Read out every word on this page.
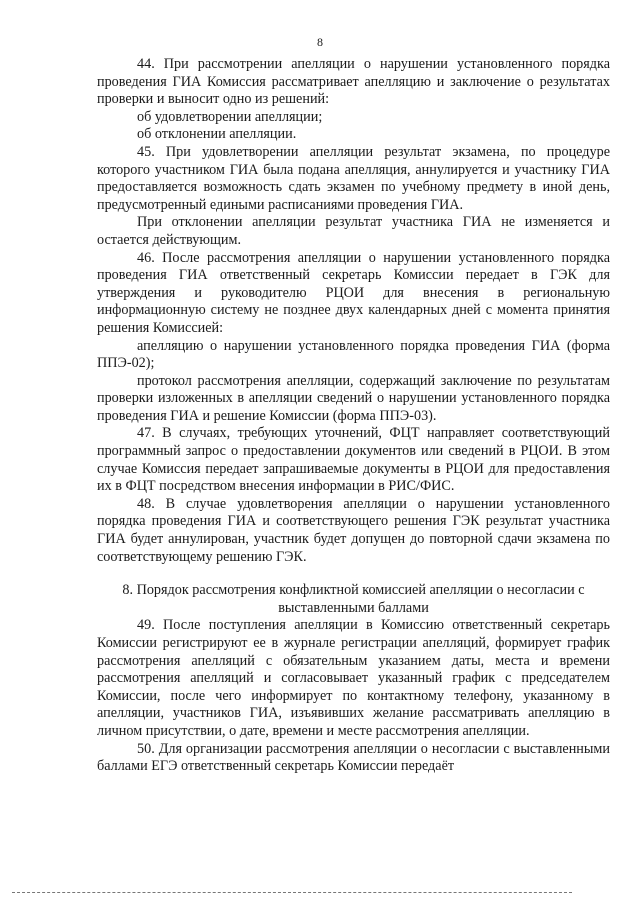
8

44. При рассмотрении апелляции о нарушении установленного порядка проведения ГИА Комиссия рассматривает апелляцию и заключение о результатах проверки и выносит одно из решений:

об удовлетворении апелляции;

об отклонении апелляции.

45. При удовлетворении апелляции результат экзамена, по процедуре которого участником ГИА была подана апелляция, аннулируется и участнику ГИА предоставляется возможность сдать экзамен по учебному предмету в иной день, предусмотренный едиными расписаниями проведения ГИА.

При отклонении апелляции результат участника ГИА не изменяется и остается действующим.

46. После рассмотрения апелляции о нарушении установленного порядка проведения ГИА ответственный секретарь Комиссии передает в ГЭК для утверждения и руководителю РЦОИ для внесения в региональную информационную систему не позднее двух календарных дней с момента принятия решения Комиссией:

апелляцию о нарушении установленного порядка проведения ГИА (форма ППЭ-02);

протокол рассмотрения апелляции, содержащий заключение по результатам проверки изложенных в апелляции сведений о нарушении установленного порядка проведения ГИА и решение Комиссии (форма ППЭ-03).

47. В случаях, требующих уточнений, ФЦТ направляет соответствующий программный запрос о предоставлении документов или сведений в РЦОИ. В этом случае Комиссия передает запрашиваемые документы в РЦОИ для предоставления их в ФЦТ посредством внесения информации в РИС/ФИС.

48. В случае удовлетворения апелляции о нарушении установленного порядка проведения ГИА и соответствующего решения ГЭК результат участника ГИА будет аннулирован, участник будет допущен до повторной сдачи экзамена по соответствующему решению ГЭК.

8. Порядок рассмотрения конфликтной комиссией апелляции о несогласии с выставленными баллами

49. После поступления апелляции в Комиссию ответственный секретарь Комиссии регистрируют ее в журнале регистрации апелляций, формирует график рассмотрения апелляций с обязательным указанием даты, места и времени рассмотрения апелляций и согласовывает указанный график с председателем Комиссии, после чего информирует по контактному телефону, указанному в апелляции, участников ГИА, изъявивших желание рассматривать апелляцию в личном присутствии, о дате, времени и месте рассмотрения апелляции.

50. Для организации рассмотрения апелляции о несогласии с выставленными баллами ЕГЭ ответственный секретарь Комиссии передаёт
